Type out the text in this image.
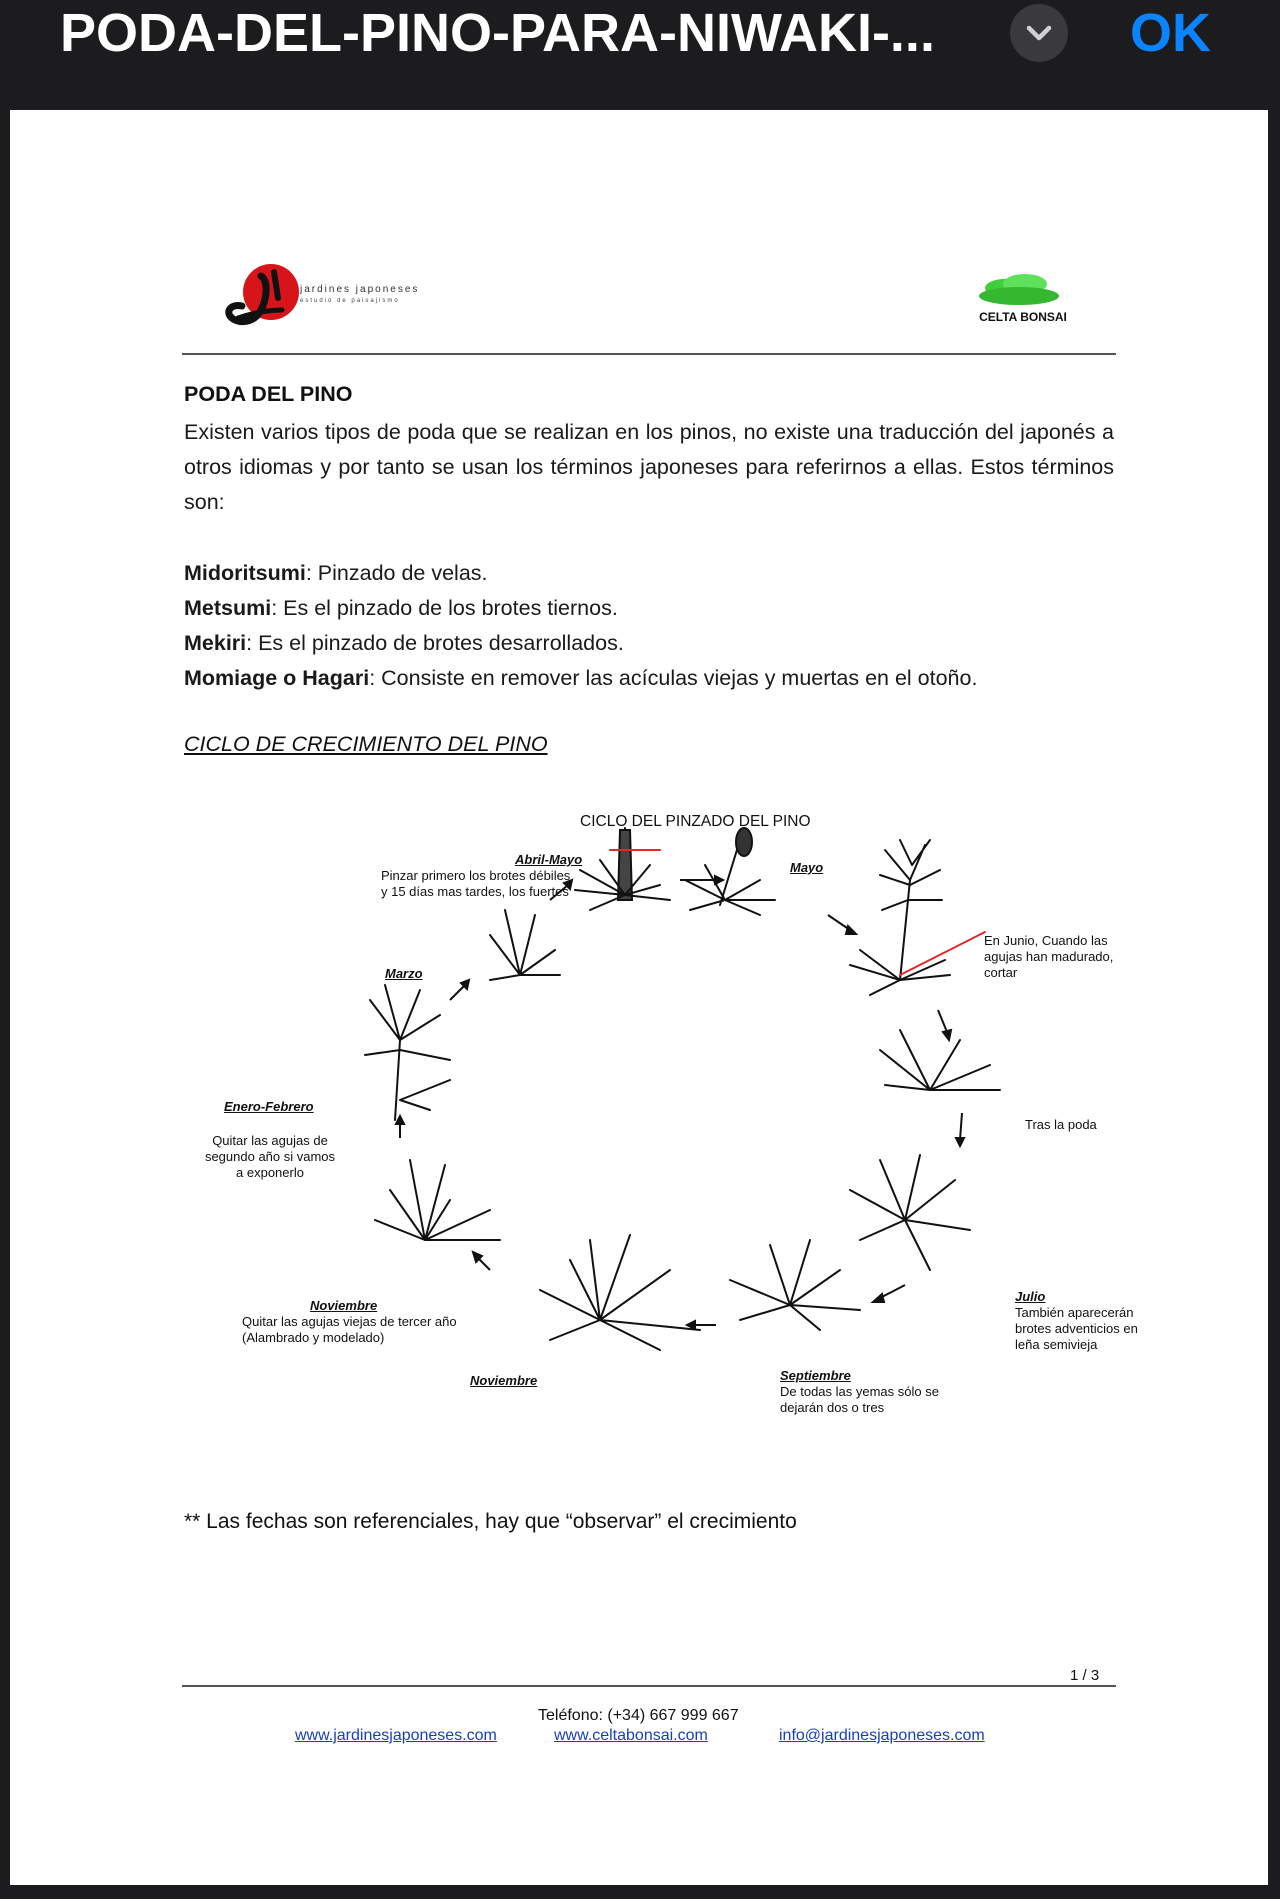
PODA-DEL-PINO-PARA-NIWAKI-...	OK
jardines japoneses
estudio de paisajismo
CELTA BONSAI
PODA DEL PINO
Existen varios tipos de poda que se realizan en los pinos, no existe una traducción del japonés a otros idiomas y por tanto se usan los términos japoneses para referirnos a ellas. Estos términos son:
Midoritsumi: Pinzado de velas.
Metsumi: Es el pinzado de los brotes tiernos.
Mekiri: Es el pinzado de brotes desarrollados.
Momiage o Hagari: Consiste en remover las acículas viejas y muertas en el otoño.
CICLO DE CRECIMIENTO DEL PINO
CICLO DEL PINZADO DEL PINO
Abril-Mayo
Pinzar primero los brotes débiles
y 15 días mas tardes, los fuertes
Mayo
Marzo
En Junio, Cuando las
agujas han madurado,
cortar
Enero-Febrero
Quitar las agujas de
segundo año si vamos
a exponerlo
Tras la poda
Julio
También aparecerán
brotes adventicios en
leña semivieja
Noviembre
Quitar las agujas viejas de tercer año
(Alambrado y modelado)
Noviembre	Septiembre
De todas las yemas sólo se
dejarán dos o tres
** Las fechas son referenciales, hay que “observar” el crecimiento
1 / 3
Teléfono: (+34) 667 999 667
www.jardinesjaponeses.com	www.celtabonsai.com	info@jardinesjaponeses.com
